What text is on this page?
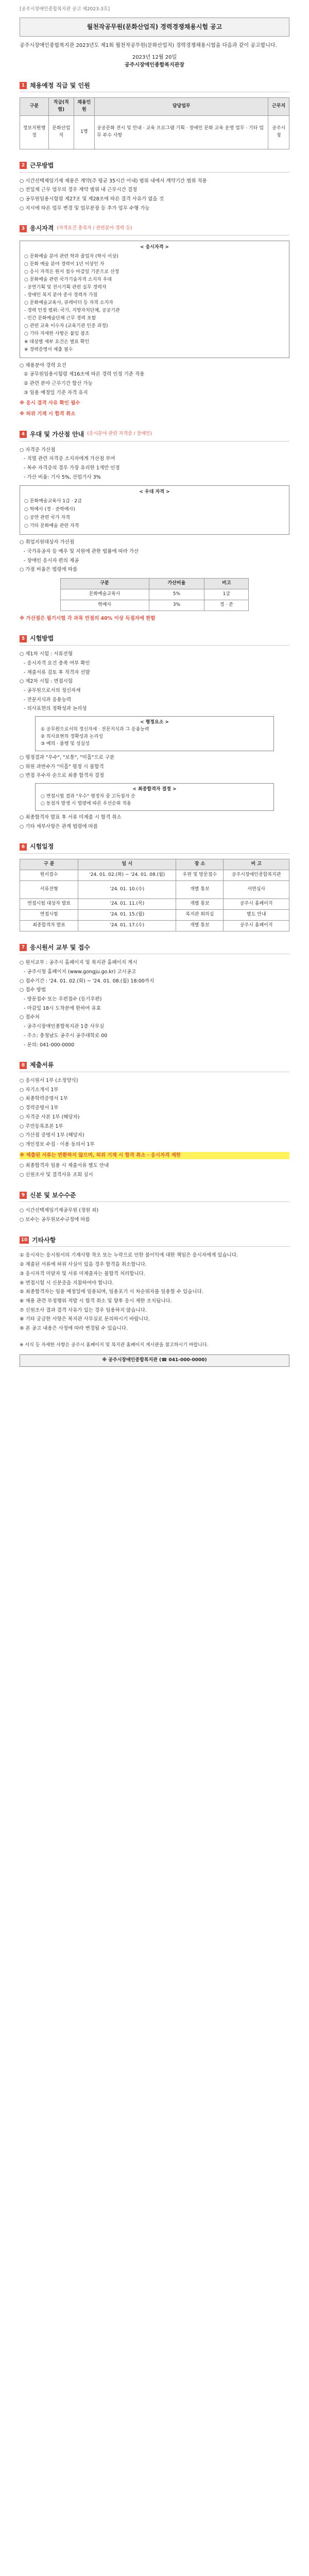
[공주시장애인종합복지관 공고 제2023-3호]
월천작공무원(문화산업직) 경력경쟁채용시험 공고
공주시장애인종합복지관 2023년도 제1회 월천작공무원(문화산업직) 경력경쟁채용시험을 다음과 같이 공고합니다.
2023년 12월 20일
공주시장애인종합복지관장
1 채용예정 직급 및 인원
구분	직급(직렬)	채용인원	담당업무	근무지
정보지원행정	문화산업직	1명	공공문화 전시 및 안내 · 교육 프로그램 기획 · 장애인 문화 교육 운영 업무 · 기타 업무 부수 사항	공주시청
2 근무방법
○ 시간선택제임기제 채용은 계약(주 평균 35시간 이내) 범위 내에서 계약기간 범위 적용
○ 전일제 근무 업무의 경우 계약 범위 내 근무시간 결정
○ 공무원임용시험령 제27조 및 제28조에 따른 결격 사유가 없을 것
○ 지시에 따른 업무 변경 및 업무분장 등 추가 업무 수행 가능
3 응시자격 (자격요건 충족자 / 관련분야 경력 등)
< 응시자격 >
○ 문화예술 분야 관련 학과 졸업자 (학사 이상)
○ 문화 예술 분야 경력이 1년 이상인 자
○ 응시 자격은 원서 접수 마감일 기준으로 산정
○ 문화예술 관련 국가기술자격 소지자 우대
- 공연기획 및 전시기획 관련 실무 경력자
- 장애인 복지 분야 종사 경력자 가점
○ 문화예술교육사, 큐레이터 등 자격 소지자
- 경력 인정 범위: 국가, 지방자치단체, 공공기관
- 민간 문화예술단체 근무 경력 포함
○ 관련 교육 이수자 (교육기관 인증 과정)
○ 기타 자세한 사항은 붙임 참조
※ 대상별 세부 요건은 별표 확인
※ 경력증명서 제출 필수
○ 채용분야 경력 요건
① 공무원임용시험령 제16조에 따른 경력 인정 기준 적용
② 관련 분야 근무기간 합산 가능
③ 임용 예정일 기준 자격 유지
※ 응시 결격 사유 확인 필수
※ 허위 기재 시 합격 취소
4 우대 및 가산점 안내 (응시분야 관련 자격증 / 장애인)
○ 자격증 가산점
- 직렬 관련 자격증 소지자에게 가산점 부여
- 복수 자격증의 경우 가장 유리한 1개만 인정
- 가산 비율: 기사 5%, 산업기사 3%
< 우대 자격 >
○ 문화예술교육사 1급 · 2급
○ 학예사 (정 · 준학예사)
○ 공연 관련 국가 자격
○ 기타 문화예술 관련 자격
○ 취업지원대상자 가산점
- 국가유공자 등 예우 및 지원에 관한 법률에 따라 가산
- 장애인 응시자 편의 제공
○ 가점 비율은 법령에 따름
구분	가산비율	비고
문화예술교육사	5%	1급
학예사	3%	정 · 준
※ 가산점은 필기시험 각 과목 만점의 40% 이상 득점자에 한함
5 시험방법
○ 제1차 시험 : 서류전형
- 응시자격 요건 충족 여부 확인
- 제출서류 검토 후 적격자 선발
○ 제2차 시험 : 면접시험
- 공무원으로서의 정신자세
- 전문지식과 응용능력
- 의사표현의 정확성과 논리성
< 평정요소 >
① 공무원으로서의 정신자세 · 전문지식과 그 응용능력
② 의사표현의 정확성과 논리성
③ 예의 · 품행 및 성실성
○ 평정결과 "우수", "보통", "미흡"으로 구분
○ 위원 과반수가 "미흡" 평정 시 불합격
○ 면접 우수자 순으로 최종 합격자 결정
< 최종합격자 결정 >
○ 면접시험 결과 "우수" 평정자 중 고득점자 순
○ 동점자 발생 시 법령에 따른 우선순위 적용
○ 최종합격자 발표 후 서류 미제출 시 합격 취소
○ 기타 세부사항은 관계 법령에 따름
6 시험일정
구 분	일 시	장 소	비 고
원서접수	'24. 01. 02.(화) ~ '24. 01. 08.(월)	우편 및 방문접수	공주시장애인종합복지관
서류전형	'24. 01. 10.(수)	개별 통보	서면심사
면접시험 대상자 발표	'24. 01. 11.(목)	개별 통보	공주시 홈페이지
면접시험	'24. 01. 15.(월)	복지관 회의실	별도 안내
최종합격자 발표	'24. 01. 17.(수)	개별 통보	공주시 홈페이지
7 응시원서 교부 및 접수
○ 원서교부 : 공주시 홈페이지 및 복지관 홈페이지 게시
- 공주시청 홈페이지 (www.gongju.go.kr) 고시공고
○ 접수기간 : '24. 01. 02.(화) ~ '24. 01. 08.(월) 18:00까지
○ 접수 방법
- 방문접수 또는 우편접수 (등기우편)
- 마감일 18시 도착분에 한하여 유효
○ 접수처
- 공주시장애인종합복지관 1층 사무실
- 주소: 충청남도 공주시 공주대학로 00
- 문의: 041-000-0000
8 제출서류
○ 응시원서 1부 (소정양식)
○ 자기소개서 1부
○ 최종학력증명서 1부
○ 경력증명서 1부
○ 자격증 사본 1부 (해당자)
○ 주민등록초본 1부
○ 가산점 증명서 1부 (해당자)
○ 개인정보 수집 · 이용 동의서 1부
※ 제출된 서류는 반환하지 않으며, 허위 기재 시 합격 취소 · 응시자격 제한
○ 최종합격자 임용 시 제출서류 별도 안내
○ 신원조사 및 결격사유 조회 실시
9 신분 및 보수수준
○ 시간선택제임기제공무원 (정원 외)
○ 보수는 공무원보수규정에 따름
10 기타사항
① 응시자는 응시원서의 기재사항 착오 또는 누락으로 인한 불이익에 대한 책임은 응시자에게 있습니다.
② 제출된 서류에 허위 사실이 있을 경우 합격을 취소합니다.
③ 응시자격 미달자 및 서류 미제출자는 불합격 처리합니다.
④ 면접시험 시 신분증을 지참하여야 합니다.
⑤ 최종합격자는 임용 예정일에 임용되며, 임용포기 시 차순위자를 임용할 수 있습니다.
⑥ 채용 관련 부정행위 적발 시 합격 취소 및 향후 응시 제한 조치됩니다.
⑦ 신원조사 결과 결격 사유가 있는 경우 임용하지 않습니다.
⑧ 기타 궁금한 사항은 복지관 사무실로 문의하시기 바랍니다.
⑨ 본 공고 내용은 사정에 따라 변경될 수 있습니다.
※ 서식 등 자세한 사항은 공주시 홈페이지 및 복지관 홈페이지 게시판을 참고하시기 바랍니다.
※ 공주시장애인종합복지관 (☎ 041-000-0000)
